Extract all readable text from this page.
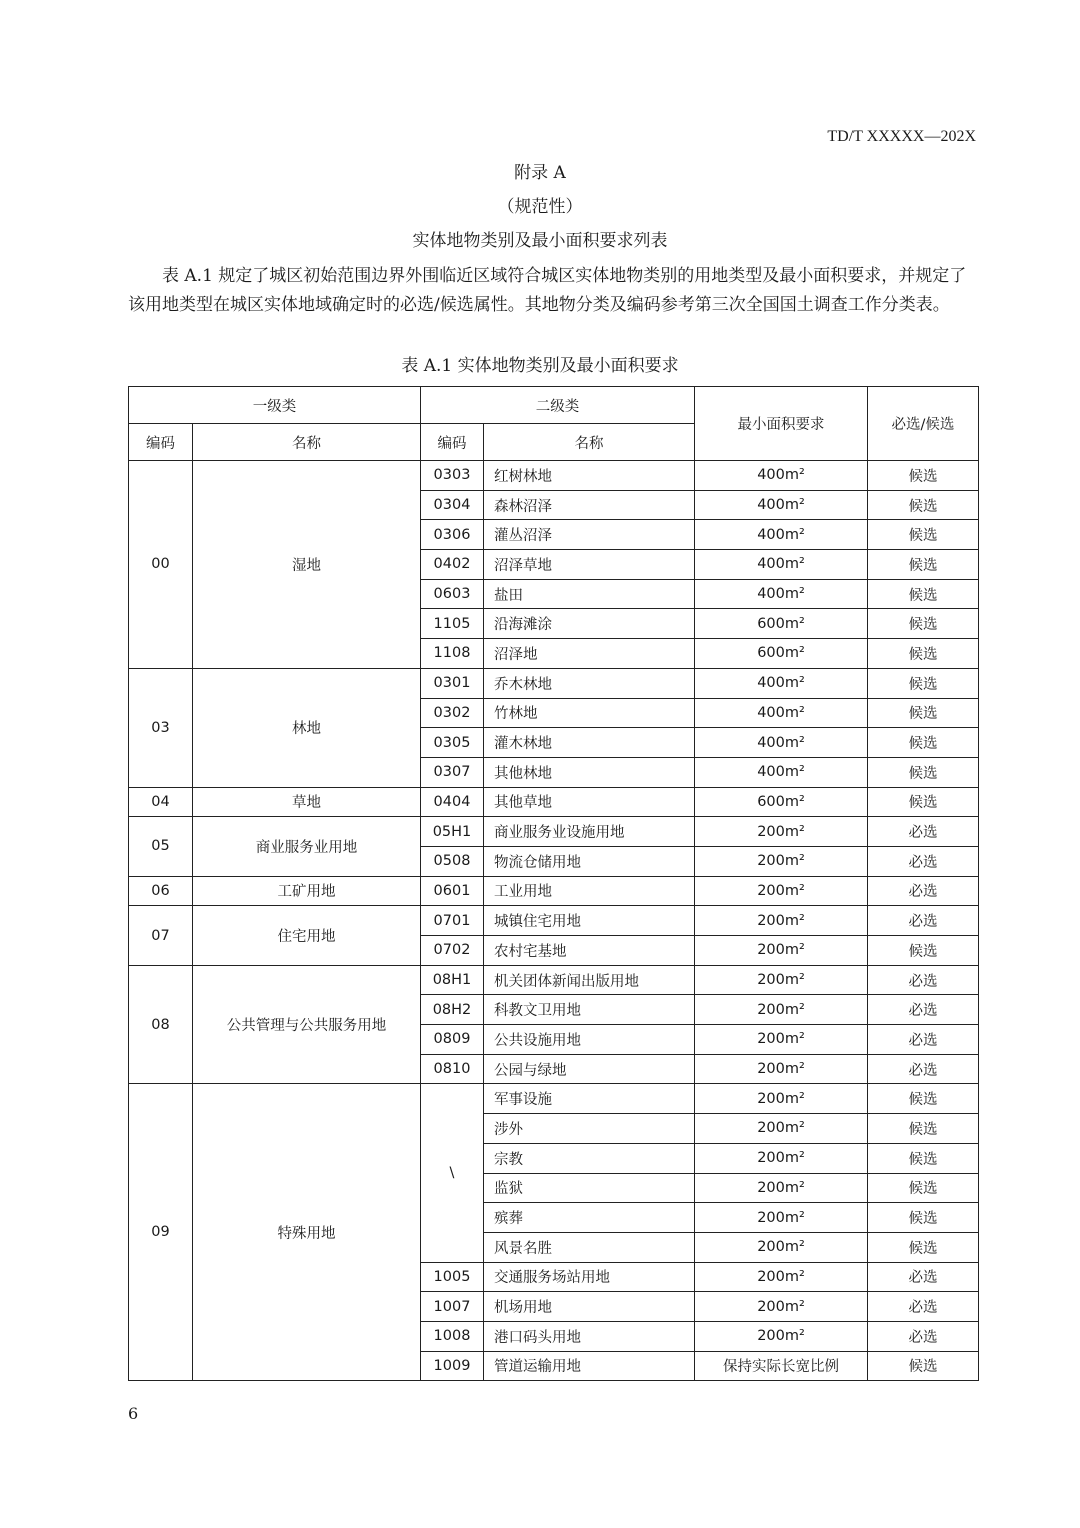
TD/T XXXXX—202X
附录 A
（规范性）
实体地物类别及最小面积要求列表

  表 A.1 规定了城区初始范围边界外围临近区域符合城区实体地物类别的用地类型及最小面积要求，并规定了该用地类型在城区实体地域确定时的必选/候选属性。其地物分类及编码参考第三次全国国土调查工作分类表。

表 A.1 实体地物类别及最小面积要求
一级类		二级类		最小面积要求	必选/候选
编码	名称	编码	名称		
00	湿地	0303	红树林地	400m²	候选
		0304	森林沼泽	400m²	候选
		0306	灌丛沼泽	400m²	候选
		0402	沼泽草地	400m²	候选
		0603	盐田	400m²	候选
		1105	沿海滩涂	600m²	候选
		1108	沼泽地	600m²	候选
03	林地	0301	乔木林地	400m²	候选
		0302	竹林地	400m²	候选
		0305	灌木林地	400m²	候选
		0307	其他林地	400m²	候选
04	草地	0404	其他草地	600m²	候选
05	商业服务业用地	05H1	商业服务业设施用地	200m²	必选
		0508	物流仓储用地	200m²	必选
06	工矿用地	0601	工业用地	200m²	必选
07	住宅用地	0701	城镇住宅用地	200m²	必选
		0702	农村宅基地	200m²	候选
08	公共管理与公共服务用地	08H1	机关团体新闻出版用地	200m²	必选
		08H2	科教文卫用地	200m²	必选
		0809	公共设施用地	200m²	必选
		0810	公园与绿地	200m²	必选
09	特殊用地	\	军事设施	200m²	候选
			涉外	200m²	候选
			宗教	200m²	候选
			监狱	200m²	候选
			殡葬	200m²	候选
			风景名胜	200m²	候选
		1005	交通服务场站用地	200m²	必选
		1007	机场用地	200m²	必选
		1008	港口码头用地	200m²	必选
		1009	管道运输用地	保持实际长宽比例	候选
6
